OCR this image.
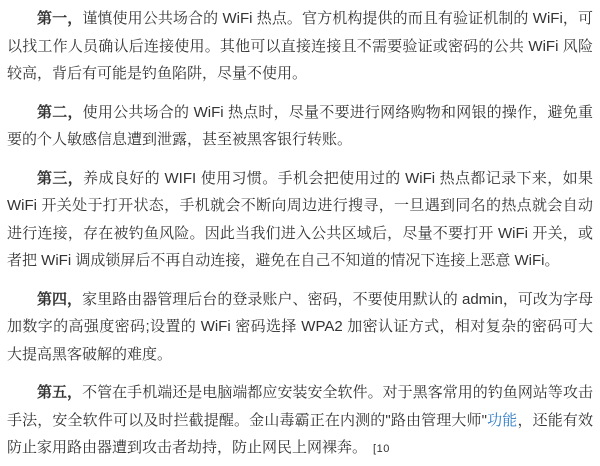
第一，谨慎使用公共场合的 WiFi 热点。官方机构提供的而且有验证机制的 WiFi，可以找工作人员确认后连接使用。其他可以直接连接且不需要验证或密码的公共 WiFi 风险较高，背后有可能是钓鱼陷阱，尽量不使用。

第二，使用公共场合的 WiFi 热点时，尽量不要进行网络购物和网银的操作，避免重要的个人敏感信息遭到泄露，甚至被黑客银行转账。

第三，养成良好的 WIFI 使用习惯。手机会把使用过的 WiFi 热点都记录下来，如果 WiFi 开关处于打开状态，手机就会不断向周边进行搜寻，一旦遇到同名的热点就会自动进行连接，存在被钓鱼风险。因此当我们进入公共区域后，尽量不要打开 WiFi 开关，或者把 WiFi 调成锁屏后不再自动连接，避免在自己不知道的情况下连接上恶意 WiFi。

第四，家里路由器管理后台的登录账户、密码，不要使用默认的 admin，可改为字母加数字的高强度密码;设置的 WiFi 密码选择 WPA2 加密认证方式，相对复杂的密码可大大提高黑客破解的难度。

第五，不管在手机端还是电脑端都应安装安全软件。对于黑客常用的钓鱼网站等攻击手法，安全软件可以及时拦截提醒。金山毒霸正在内测的"路由管理大师"功能，还能有效防止家用路由器遭到攻击者劫持，防止网民上网裸奔。 [10
